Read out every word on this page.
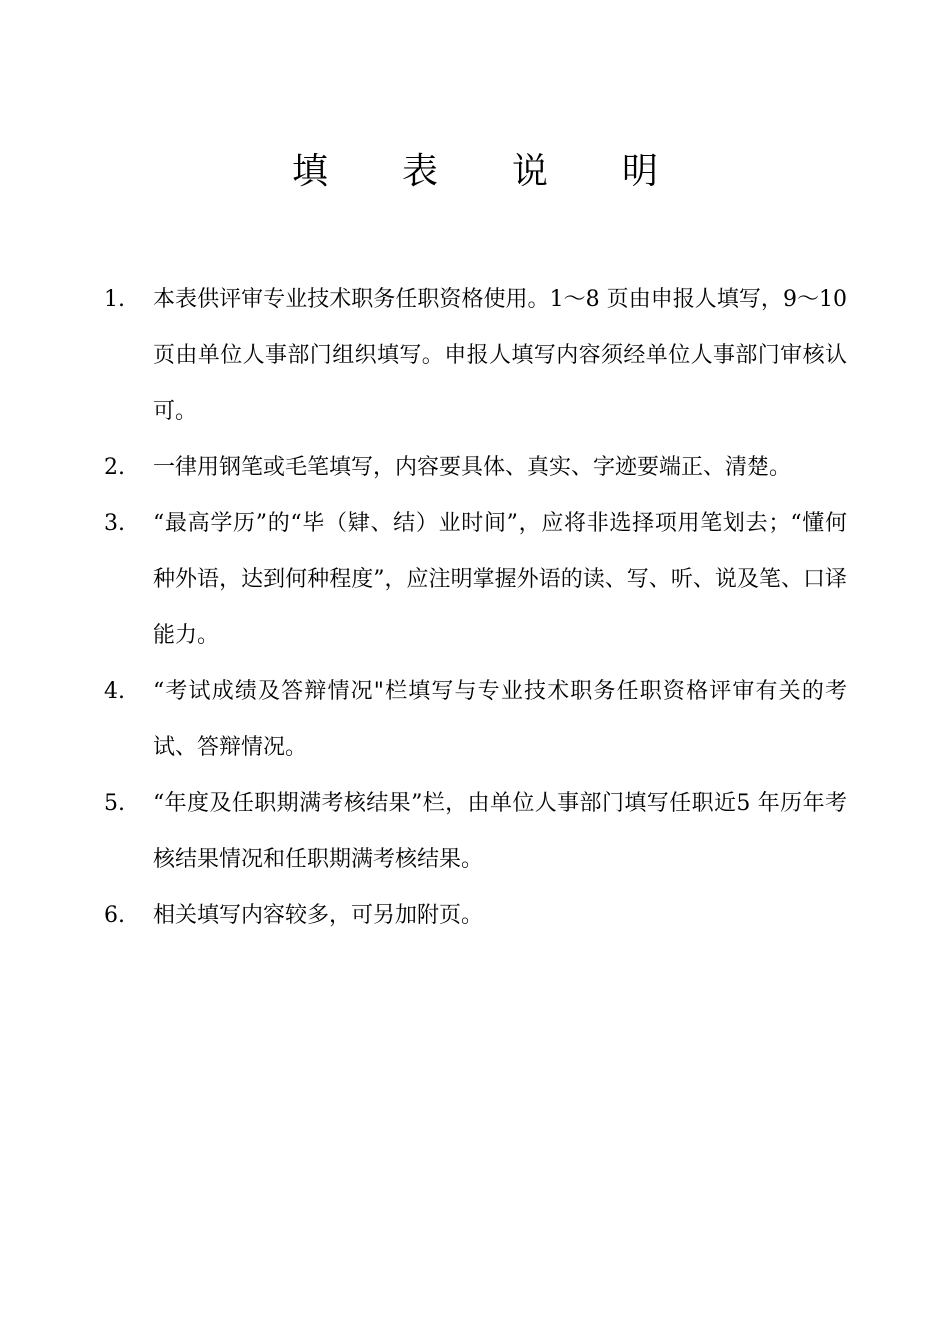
填 表 说 明
1.	本表供评审专业技术职务任职资格使用。1～8 页由申报人填写，9～10 页由单位人事部门组织填写。申报人填写内容须经单位人事部门审核认可。
2.	一律用钢笔或毛笔填写，内容要具体、真实、字迹要端正、清楚。
3.	“最高学历”的“毕（肄、结）业时间”，应将非选择项用笔划去；“懂何种外语，达到何种程度”，应注明掌握外语的读、写、听、说及笔、口译能力。
4.	“考试成绩及答辩情况"栏填写与专业技术职务任职资格评审有关的考试、答辩情况。
5.	“年度及任职期满考核结果”栏，由单位人事部门填写任职近5 年历年考核结果情况和任职期满考核结果。
6.	相关填写内容较多，可另加附页。
